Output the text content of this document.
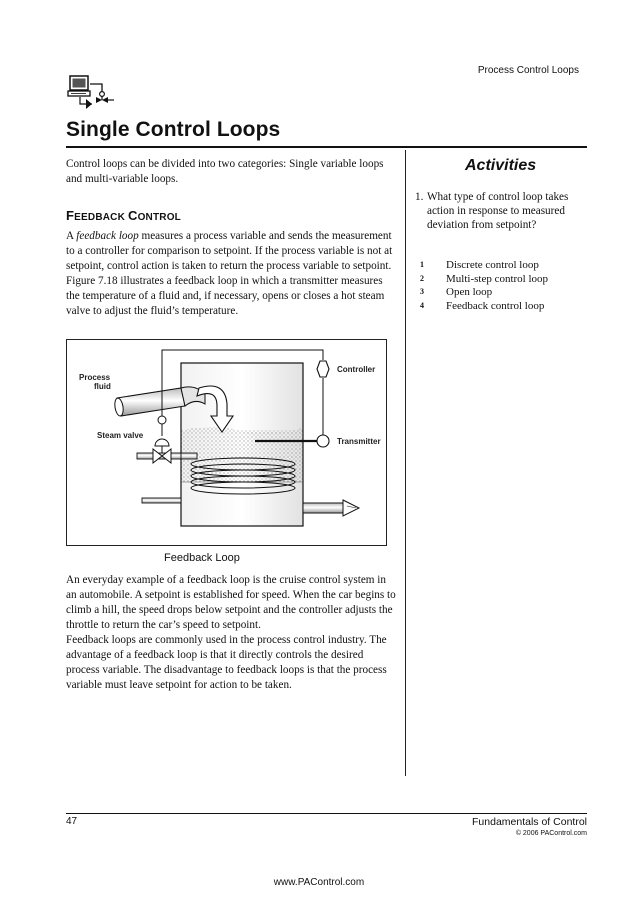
Process Control Loops
Single Control Loops
Control loops can be divided into two categories: Single variable loops and multi-variable loops.
FEEDBACK CONTROL
A feedback loop measures a process variable and sends the measurement to a controller for comparison to setpoint. If the process variable is not at setpoint, control action is taken to return the process variable to setpoint. Figure 7.18 illustrates a feedback loop in which a transmitter measures the temperature of a fluid and, if necessary, opens or closes a hot steam valve to adjust the fluid’s temperature.
Process
fluid
Steam valve
Controller
Transmitter
Feedback Loop
An everyday example of a feedback loop is the cruise control system in an automobile. A setpoint is established for speed. When the car begins to climb a hill, the speed drops below setpoint and the controller adjusts the throttle to return the car’s speed to setpoint.
Feedback loops are commonly used in the process control industry. The advantage of a feedback loop is that it directly controls the desired process variable. The disadvantage to feedback loops is that the process variable must leave setpoint for action to be taken.
Activities
1. What type of control loop takes action in response to measured deviation from setpoint?
1 Discrete control loop
2 Multi-step control loop
3 Open loop
4 Feedback control loop
47	Fundamentals of Control
© 2006 PAControl.com
www.PAControl.com
